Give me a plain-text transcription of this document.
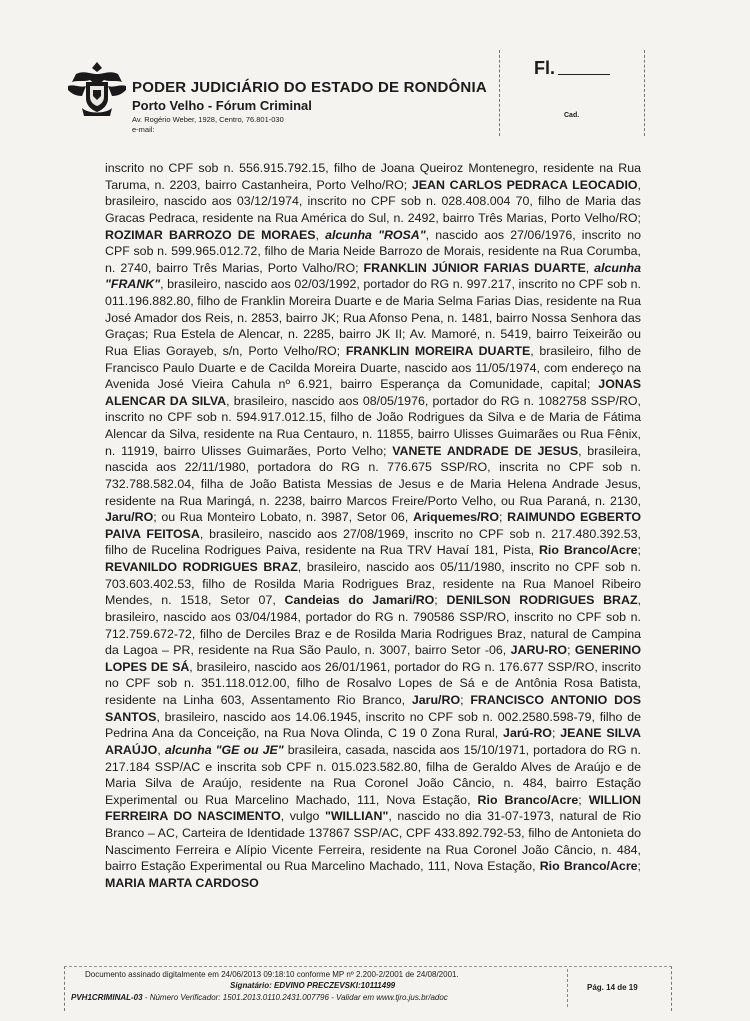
PODER JUDICIÁRIO DO ESTADO DE RONDÔNIA
Porto Velho - Fórum Criminal
Av. Rogério Weber, 1928, Centro, 76.801-030
e-mail:
Fl.
Cad.

inscrito no CPF sob n. 556.915.792.15, filho de Joana Queiroz Montenegro, residente na Rua Taruma, n. 2203, bairro Castanheira, Porto Velho/RO; JEAN CARLOS PEDRACA LEOCADIO, brasileiro, nascido aos 03/12/1974, inscrito no CPF sob n. 028.408.004 70, filho de Maria das Gracas Pedraca, residente na Rua América do Sul, n. 2492, bairro Três Marias, Porto Velho/RO; ROZIMAR BARROZO DE MORAES, alcunha "ROSA", nascido aos 27/06/1976, inscrito no CPF sob n. 599.965.012.72, filho de Maria Neide Barrozo de Morais, residente na Rua Corumba, n. 2740, bairro Três Marias, Porto Valho/RO; FRANKLIN JÚNIOR FARIAS DUARTE, alcunha "FRANK", brasileiro, nascido aos 02/03/1992, portador do RG n. 997.217, inscrito no CPF sob n. 011.196.882.80, filho de Franklin Moreira Duarte e de Maria Selma Farias Dias, residente na Rua José Amador dos Reis, n. 2853, bairro JK; Rua Afonso Pena, n. 1481, bairro Nossa Senhora das Graças; Rua Estela de Alencar, n. 2285, bairro JK II; Av. Mamoré, n. 5419, bairro Teixeirão ou Rua Elias Gorayeb, s/n, Porto Velho/RO; FRANKLIN MOREIRA DUARTE, brasileiro, filho de Francisco Paulo Duarte e de Cacilda Moreira Duarte, nascido aos 11/05/1974, com endereço na Avenida José Vieira Cahula nº 6.921, bairro Esperança da Comunidade, capital; JONAS ALENCAR DA SILVA, brasileiro, nascido aos 08/05/1976, portador do RG n. 1082758 SSP/RO, inscrito no CPF sob n. 594.917.012.15, filho de João Rodrigues da Silva e de Maria de Fátima Alencar da Silva, residente na Rua Centauro, n. 11855, bairro Ulisses Guimarães ou Rua Fênix, n. 11919, bairro Ulisses Guimarães, Porto Velho; VANETE ANDRADE DE JESUS, brasileira, nascida aos 22/11/1980, portadora do RG n. 776.675 SSP/RO, inscrita no CPF sob n. 732.788.582.04, filha de João Batista Messias de Jesus e de Maria Helena Andrade Jesus, residente na Rua Maringá, n. 2238, bairro Marcos Freire/Porto Velho, ou Rua Paraná, n. 2130, Jaru/RO; ou Rua Monteiro Lobato, n. 3987, Setor 06, Ariquemes/RO; RAIMUNDO EGBERTO PAIVA FEITOSA, brasileiro, nascido aos 27/08/1969, inscrito no CPF sob n. 217.480.392.53, filho de Rucelina Rodrigues Paiva, residente na Rua TRV Havaí 181, Pista, Rio Branco/Acre; REVANILDO RODRIGUES BRAZ, brasileiro, nascido aos 05/11/1980, inscrito no CPF sob n. 703.603.402.53, filho de Rosilda Maria Rodrigues Braz, residente na Rua Manoel Ribeiro Mendes, n. 1518, Setor 07, Candeias do Jamari/RO; DENILSON RODRIGUES BRAZ, brasileiro, nascido aos 03/04/1984, portador do RG n. 790586 SSP/RO, inscrito no CPF sob n. 712.759.672-72, filho de Derciles Braz e de Rosilda Maria Rodrigues Braz, natural de Campina da Lagoa – PR, residente na Rua São Paulo, n. 3007, bairro Setor -06, JARU-RO; GENERINO LOPES DE SÁ, brasileiro, nascido aos 26/01/1961, portador do RG n. 176.677 SSP/RO, inscrito no CPF sob n. 351.118.012.00, filho de Rosalvo Lopes de Sá e de Antônia Rosa Batista, residente na Linha 603, Assentamento Rio Branco, Jaru/RO; FRANCISCO ANTONIO DOS SANTOS, brasileiro, nascido aos 14.06.1945, inscrito no CPF sob n. 002.2580.598-79, filho de Pedrina Ana da Conceição, na Rua Nova Olinda, C 19 0 Zona Rural, Jarú-RO; JEANE SILVA ARAÚJO, alcunha "GE ou JE" brasileira, casada, nascida aos 15/10/1971, portadora do RG n. 217.184 SSP/AC e inscrita sob CPF n. 015.023.582.80, filha de Geraldo Alves de Araújo e de Maria Silva de Araújo, residente na Rua Coronel João Câncio, n. 484, bairro Estação Experimental ou Rua Marcelino Machado, 111, Nova Estação, Rio Branco/Acre; WILLION FERREIRA DO NASCIMENTO, vulgo "WILLIAN", nascido no dia 31-07-1973, natural de Rio Branco – AC, Carteira de Identidade 137867 SSP/AC, CPF 433.892.792-53, filho de Antonieta do Nascimento Ferreira e Alípio Vicente Ferreira, residente na Rua Coronel João Câncio, n. 484, bairro Estação Experimental ou Rua Marcelino Machado, 111, Nova Estação, Rio Branco/Acre; MARIA MARTA CARDOSO

Documento assinado digitalmente em 24/06/2013 09:18:10 conforme MP nº 2.200-2/2001 de 24/08/2001.
Signatário: EDVINO PRECZEVSKI:10111499
PVH1CRIMINAL-03 - Número Verificador: 1501.2013.0110.2431.007796 - Validar em www.tjro.jus.br/adoc
Pág. 14 de 19
